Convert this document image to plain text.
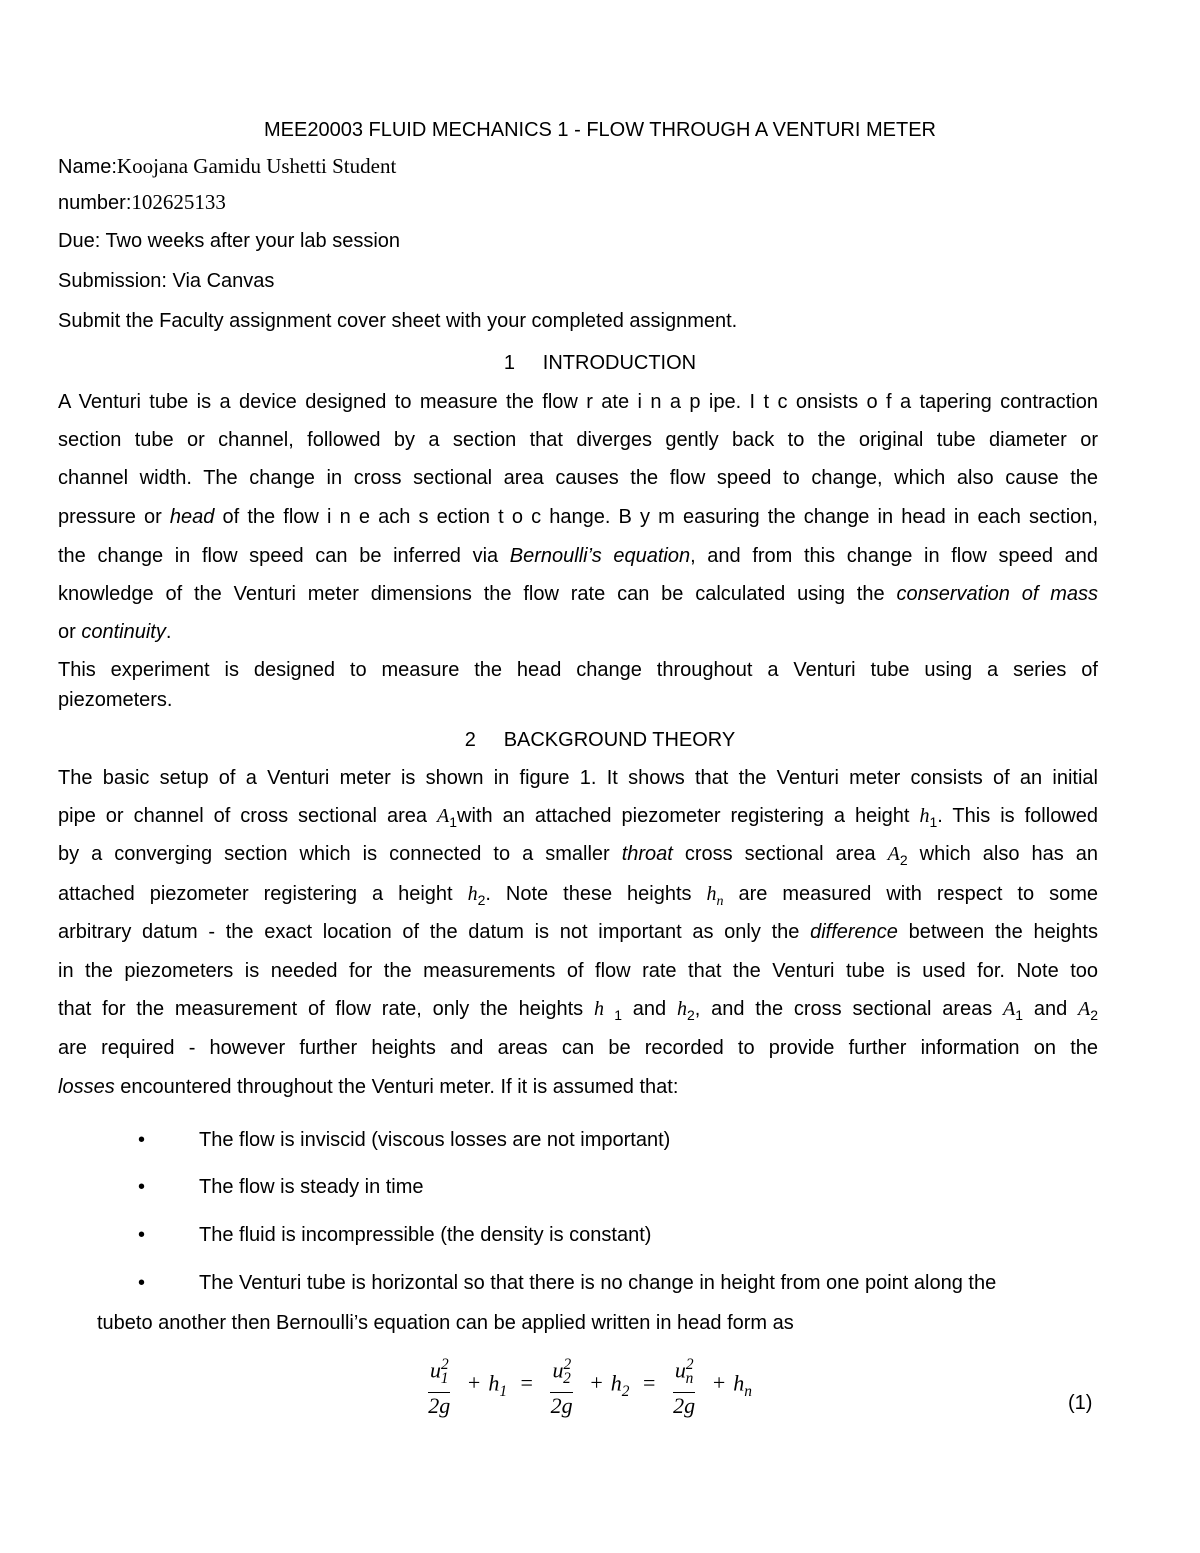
MEE20003 FLUID MECHANICS 1 - FLOW THROUGH A VENTURI METER
Name:Koojana Gamidu Ushetti Student
number:102625133
Due: Two weeks after your lab session
Submission: Via Canvas
Submit the Faculty assignment cover sheet with your completed assignment.
1     INTRODUCTION
A Venturi tube is a device designed to measure the flow r ate i n a p ipe. I t c onsists o f a tapering contraction
section tube or channel, followed by a section that diverges gently back to the original tube diameter or
channel width. The change in cross sectional area causes the flow speed to change, which also cause the
pressure or head of the flow i n e ach s ection t o c hange. B y m easuring the change in head in each section,
the change in flow speed can be inferred via Bernoulli’s equation, and from this change in flow speed and
knowledge of the Venturi meter dimensions the flow rate can be calculated using the conservation of mass
or continuity.
This experiment is designed to measure the head change throughout a Venturi tube using a series of
piezometers.
2     BACKGROUND THEORY
The basic setup of a Venturi meter is shown in figure 1. It shows that the Venturi meter consists of an initial
pipe or channel of cross sectional area $A_1with$ an attached piezometer registering a height $h_1$. This is followed
by a converging section which is connected to a smaller throat cross sectional area $A_2$ which also has an
attached piezometer registering a height $h_2$. Note these heights $h_n$ are measured with respect to some
arbitrary datum - the exact location of the datum is not important as only the difference between the heights
in the piezometers is needed for the measurements of flow rate that the Venturi tube is used for. Note too
that for the measurement of flow rate, only the heights h $_1$ and $h_2$, and the cross sectional areas $A_1$ and $A_2$
are required - however further heights and areas can be recorded to provide further information on the
losses encountered throughout the Venturi meter. If it is assumed that:
•	The flow is inviscid (viscous losses are not important)
•	The flow is steady in time
•	The fluid is incompressible (the density is constant)
•	The Venturi tube is horizontal so that there is no change in height from one point along the
tubeto another then Bernoulli’s equation can be applied written in head form as
$\frac{u^2_1}{2g} + h_1 = \frac{u^2_2}{2g} + h_2 = \frac{u^2_n}{2g} + h_n$
(1)
